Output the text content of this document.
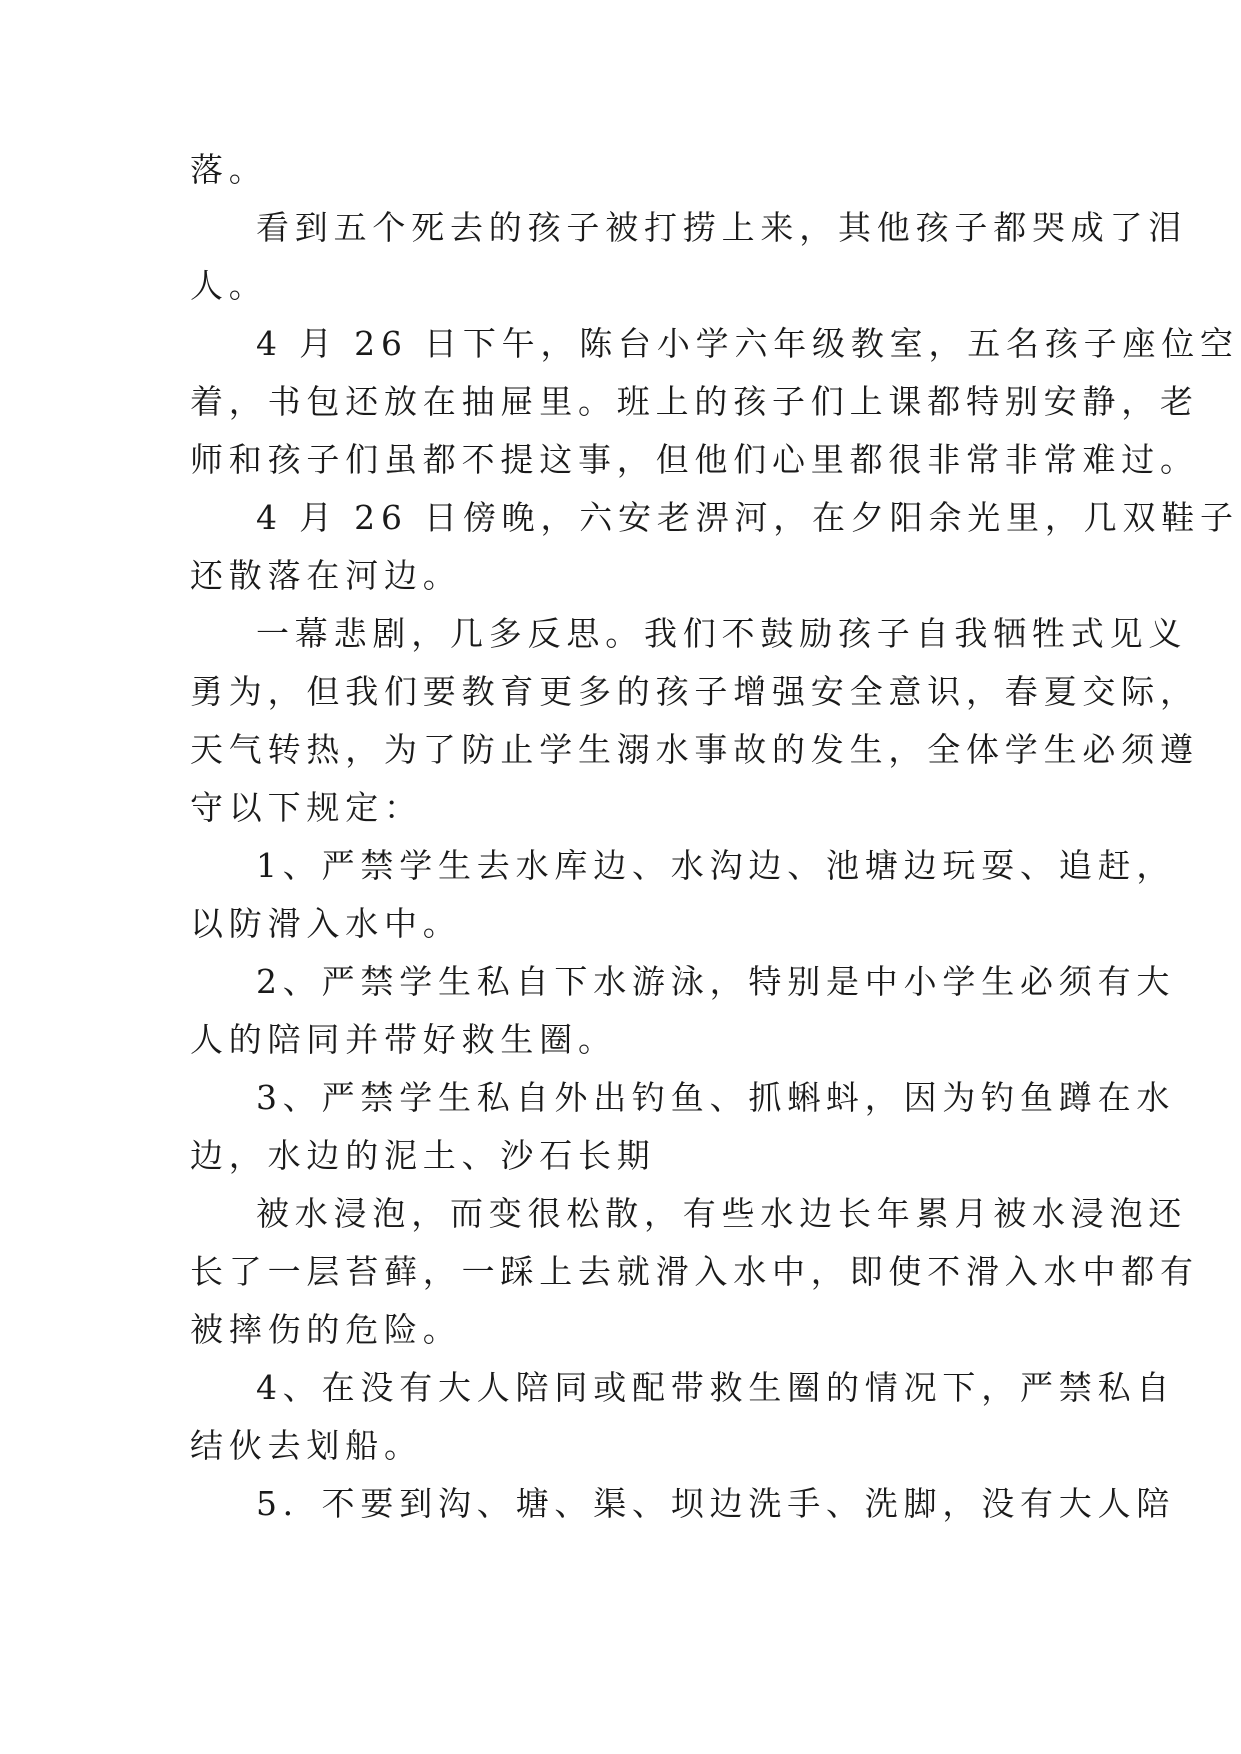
落。
看到五个死去的孩子被打捞上来，其他孩子都哭成了泪
人。
4 月 26 日下午，陈台小学六年级教室，五名孩子座位空
着，书包还放在抽屉里。班上的孩子们上课都特别安静，老
师和孩子们虽都不提这事，但他们心里都很非常非常难过。
4 月 26 日傍晚，六安老淠河，在夕阳余光里，几双鞋子
还散落在河边。
一幕悲剧，几多反思。我们不鼓励孩子自我牺牲式见义
勇为，但我们要教育更多的孩子增强安全意识，春夏交际，
天气转热，为了防止学生溺水事故的发生，全体学生必须遵
守以下规定：
1、严禁学生去水库边、水沟边、池塘边玩耍、追赶，
以防滑入水中。
2、严禁学生私自下水游泳，特别是中小学生必须有大
人的陪同并带好救生圈。
3、严禁学生私自外出钓鱼、抓蝌蚪，因为钓鱼蹲在水
边，水边的泥土、沙石长期
被水浸泡，而变很松散，有些水边长年累月被水浸泡还
长了一层苔藓，一踩上去就滑入水中，即使不滑入水中都有
被摔伤的危险。
4、在没有大人陪同或配带救生圈的情况下，严禁私自
结伙去划船。
5．不要到沟、塘、渠、坝边洗手、洗脚，没有大人陪
